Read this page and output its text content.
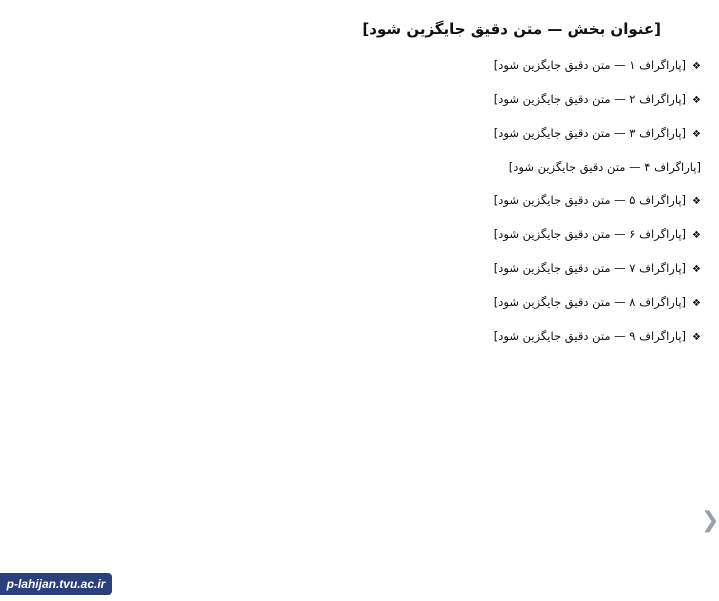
[عنوان بخش — متن دقیق جایگزین شود]
❖[پاراگراف ۱ — متن دقیق جایگزین شود]
❖[پاراگراف ۲ — متن دقیق جایگزین شود]
❖[پاراگراف ۳ — متن دقیق جایگزین شود]
[پاراگراف ۴ — متن دقیق جایگزین شود]
❖[پاراگراف ۵ — متن دقیق جایگزین شود]
❖[پاراگراف ۶ — متن دقیق جایگزین شود]
❖[پاراگراف ۷ — متن دقیق جایگزین شود]
❖[پاراگراف ۸ — متن دقیق جایگزین شود]
❖[پاراگراف ۹ — متن دقیق جایگزین شود]
❯
p-lahijan.tvu.ac.ir
